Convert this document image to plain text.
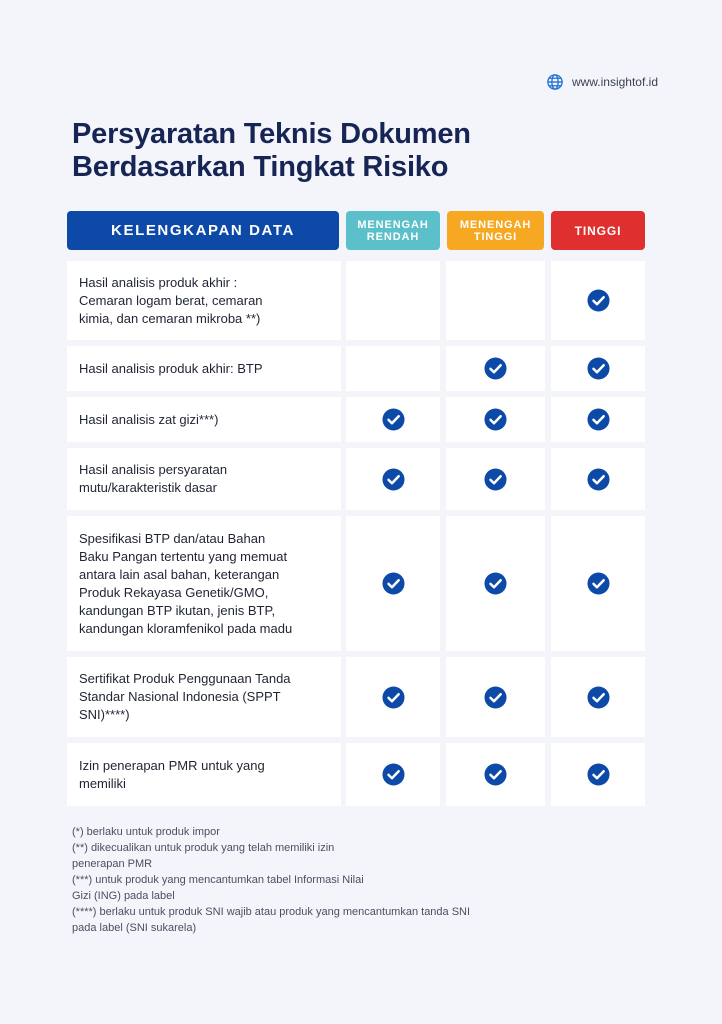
www.insightof.id
Persyaratan Teknis Dokumen
Berdasarkan Tingkat Risiko
KELENGKAPAN DATA	MENENGAH
RENDAH
MENENGAH
TINGGI	TINGGI
Hasil analisis produk akhir :
Cemaran logam berat, cemaran
kimia, dan cemaran mikroba **)
Hasil analisis produk akhir: BTP
Hasil analisis zat gizi***)
Hasil analisis persyaratan
mutu/karakteristik dasar
Spesifikasi BTP dan/atau Bahan
Baku Pangan tertentu yang memuat
antara lain asal bahan, keterangan
Produk Rekayasa Genetik/GMO,
kandungan BTP ikutan, jenis BTP,
kandungan kloramfenikol pada madu
Sertifikat Produk Penggunaan Tanda
Standar Nasional Indonesia (SPPT
SNI)****)
Izin penerapan PMR untuk yang
memiliki
(*) berlaku untuk produk impor
(**) dikecualikan untuk produk yang telah memiliki izin
penerapan PMR
(***) untuk produk yang mencantumkan tabel Informasi Nilai
Gizi (ING) pada label
(****) berlaku untuk produk SNI wajib atau produk yang mencantumkan tanda SNI
pada label (SNI sukarela)
